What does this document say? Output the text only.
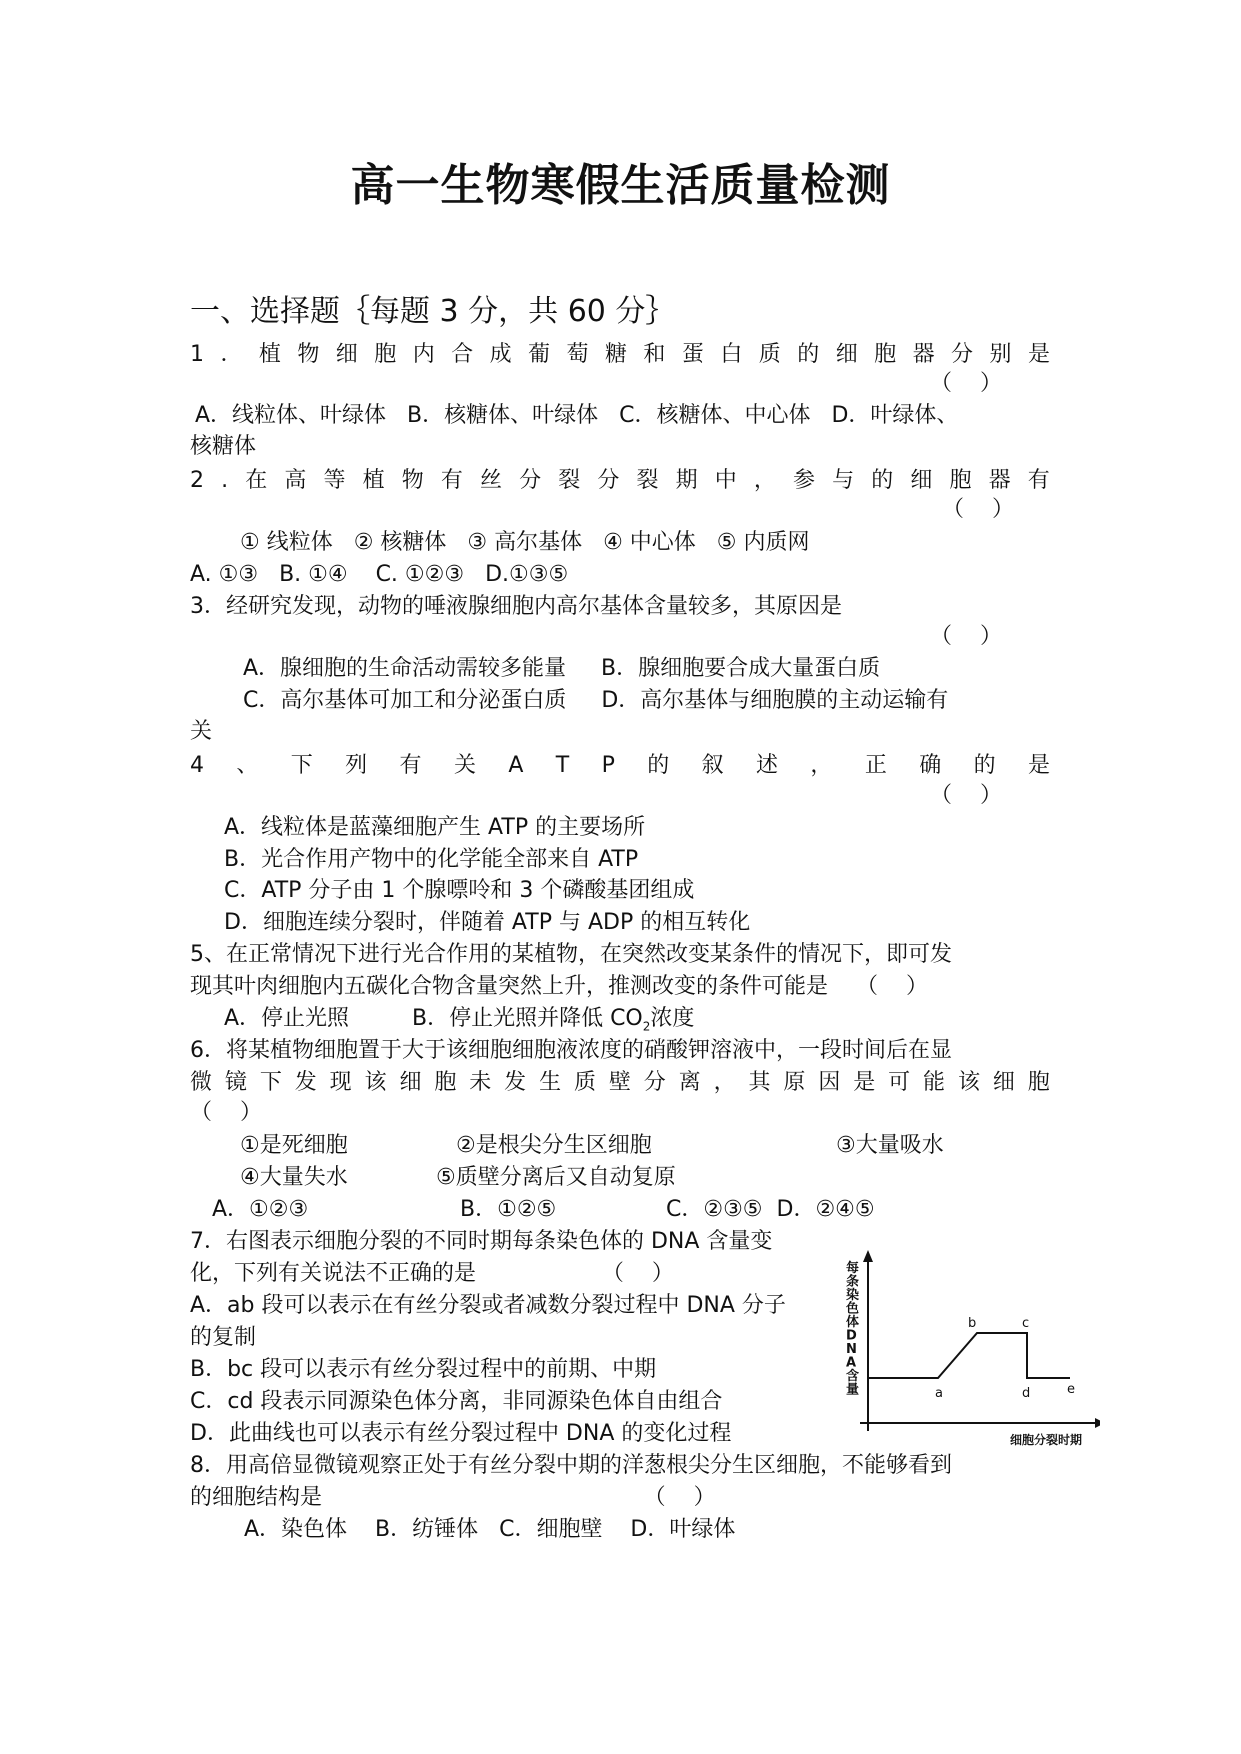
高一生物寒假生活质量检测
一、选择题｛每题 3 分，共 60 分｝
1 ． 植 物 细 胞 内 合 成 葡 萄 糖 和 蛋 白 质 的 细 胞 器 分 别 是
（    ）
A．线粒体、叶绿体   B．核糖体、叶绿体   C．核糖体、中心体   D．叶绿体、
核糖体
2 . 在 高 等 植 物 有 丝 分 裂 分 裂 期 中 ， 参 与 的 细 胞 器 有
（    ）
① 线粒体   ② 核糖体   ③ 高尔基体   ④ 中心体   ⑤ 内质网
A. ①③   B. ①④    C. ①②③   D.①③⑤
3．经研究发现，动物的唾液腺细胞内高尔基体含量较多，其原因是
（    ）
A．腺细胞的生命活动需较多能量     B．腺细胞要合成大量蛋白质
C．高尔基体可加工和分泌蛋白质     D．高尔基体与细胞膜的主动运输有
关
4 、 下 列 有 关 A T P 的 叙 述 ， 正 确 的 是
（    ）
A．线粒体是蓝藻细胞产生 ATP 的主要场所
B．光合作用产物中的化学能全部来自 ATP
C．ATP 分子由 1 个腺嘌呤和 3 个磷酸基团组成
D．细胞连续分裂时，伴随着 ATP 与 ADP 的相互转化
5、在正常情况下进行光合作用的某植物，在突然改变某条件的情况下，即可发
现其叶肉细胞内五碳化合物含量突然上升，推测改变的条件可能是    （    ）
A．停止光照         B．停止光照并降低 $CO_2$浓度
6．将某植物细胞置于大于该细胞细胞液浓度的硝酸钾溶液中，一段时间后在显
微 镜 下 发 现 该 细 胞 未 发 生 质 壁 分 离 ， 其 原 因 是 可 能 该 细 胞
（    ）
①是死细胞	②是根尖分生区细胞	③大量吸水
④大量失水	⑤质壁分离后又自动复原
A．①②③	B．①②⑤	C．②③⑤  D．②④⑤
7．右图表示细胞分裂的不同时期每条染色体的 DNA 含量变
化，下列有关说法不正确的是                  （    ）
A．ab 段可以表示在有丝分裂或者减数分裂过程中 DNA 分子
的复制
B．bc 段可以表示有丝分裂过程中的前期、中期
C．cd 段表示同源染色体分离，非同源染色体自由组合
D．此曲线也可以表示有丝分裂过程中 DNA 的变化过程
a
b	c
d	e
每条染色体 D N A 含量
细胞分裂时期
8．用高倍显微镜观察正处于有丝分裂中期的洋葱根尖分生区细胞，不能够看到
的细胞结构是                                              （    ）
A．染色体    B．纺锤体   C．细胞壁    D．叶绿体
